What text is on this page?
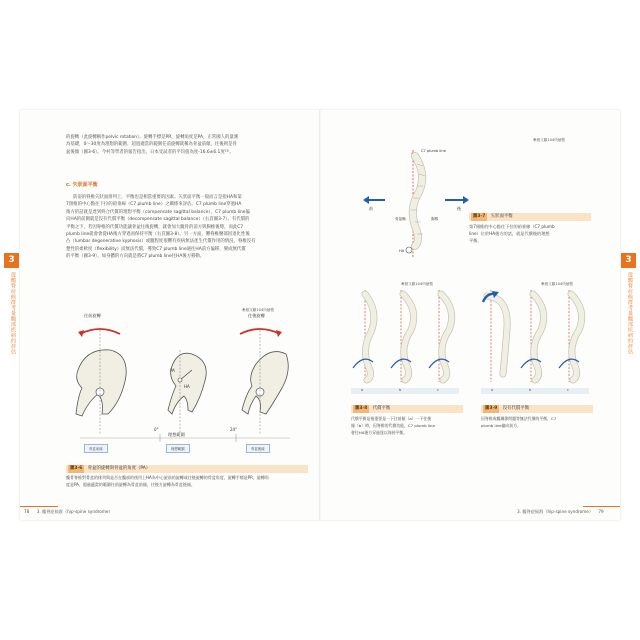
的旋轉（此旋轉稱作pelvic rotation）。旋轉手標是PR，旋轉角度是PA，正常國人的量測
為基礎，0～30度為理想的範圍，超過適當的範圍任前旋轉就稱為骨盆前傾，往後則是骨
盆後傾（圖3-6）。今村等學者的報告指出，日本受試者的平均值為度-16.6±6.1度¹³⁾。
c. 矢狀面平衡
防姿的脊椎矢狀面排列上，平衡也是相當重要的因素。矢狀面平衡一般而言是指HA和第
7頸椎的中心點往下拉的鉛垂線（C7 plumb line）之關係來評估。C7 plumb line穿過HA
後方的話就是達到終合代償的理想平衡（compensate sagittal balance），C7 plumb line偏
向HA的前側就是沒有代償平衡（decompensate sagittal balance）（右頁圖3-7）。有代償的
平衡之下，若因脊椎的代償功能讓骨盆往後旋轉，就會加大髖骨的前方與胸椎後彎，而此C7
plumb line就會會從HA後方穿過而保持平衡（右頁圖3-8）。另一方面，難脊椎腰部因退化性後
凸（lumbar degenerative kyphosis）或髖程度很難有疾病無法產生代償作用的情況，脊椎沒有
楚性的柔軟度（flexibility）而無法代償，導致C7 plumb line通往HA前方偏移，變成無代償
的平衡（圖3-9），如身體的方向就是將C7 plumb line往HA後方移動。
參照文獻104所繪製
PA
HA
0°	24°
往前旋轉	往後旋轉
理想範圍
骨盆前傾	理想範圍	骨盆後傾
圖3-6 骨盆的旋轉與骨盆的角度（PA）
髖骨脊椎對骨盆的排列與是否在髖部的使用上HA為中心旋前的旋轉或往後旋轉的骨盆角度，旋轉手標是PR，旋轉角
度是PA，超過適當的範圍往前旋轉為骨盆前傾，往後方旋轉為骨盆後傾。
78 3. 髖脊症候群（hip-spine syndrome）
3
從髖脊症候群考量髖部疾病的評估
3
從髖脊症候群考量髖部疾病的評估
參照文獻104所繪製
前	後
C7 plumb line
骨盆軸	胸椎
HA
圖3-7 矢狀面平衡
第7頸椎的中心點往下拉的鉛垂線（C7 plumb
line）位於HA後方的話，就是代償後的理想
平衡。
參照文獻104所繪製
a	b	c
圖3-8 代償平衡
代償平衡是指重要是一下往前傾（a）一下往後
傾（b）時，因脊椎的代償功能，C7 plumb line
會往HA後方穿過達以保持平衡。
參照文獻104所繪製
a	b	c
圖3-9 沒有代償平衡
因脊椎或髖關節問題等無法代償的平衡，C7
plumb line偏向前方。
3. 髖脊症候群（hip-spine syndrome） 79
